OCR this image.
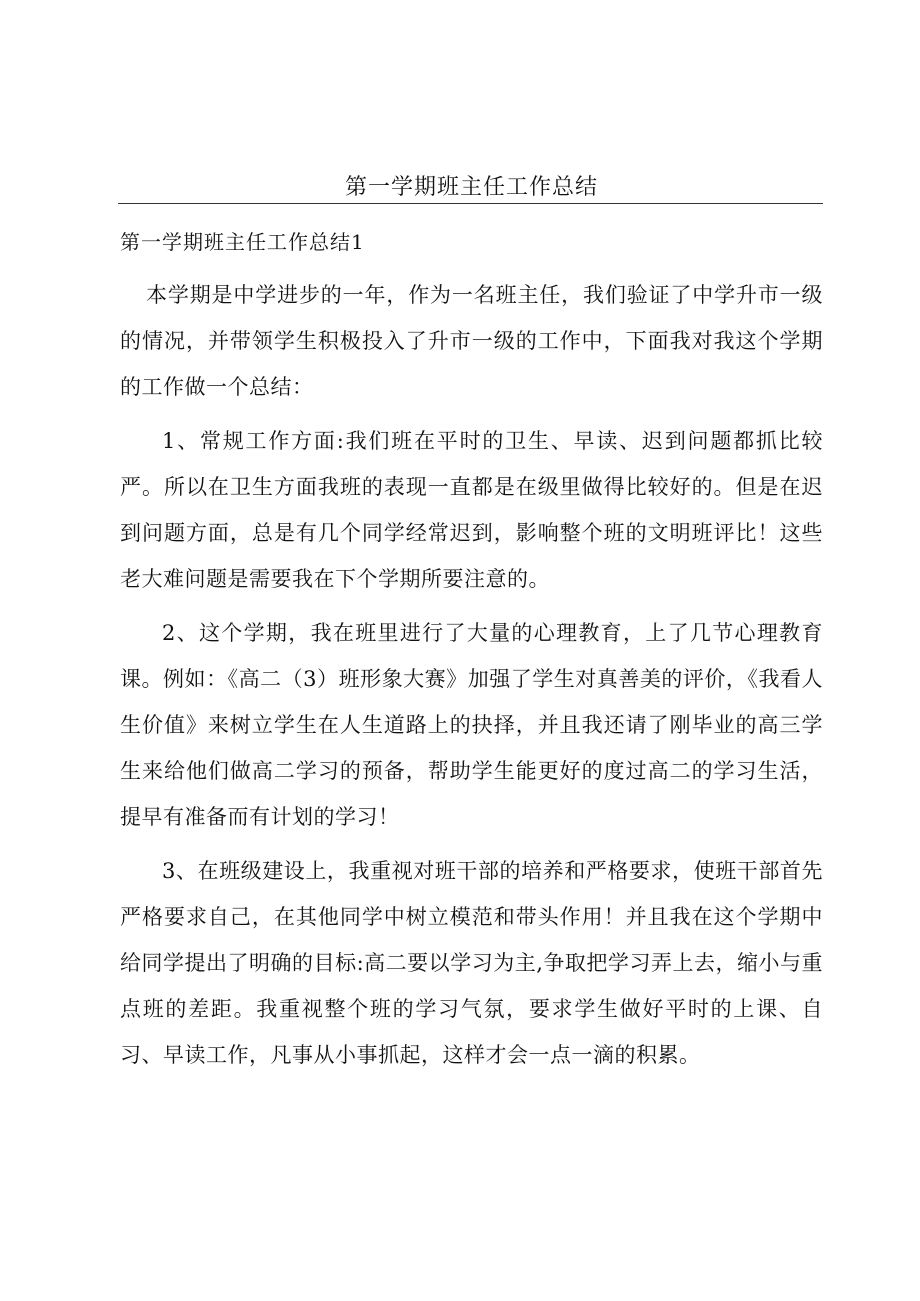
第一学期班主任工作总结

第一学期班主任工作总结1

本学期是中学进步的一年，作为一名班主任，我们验证了中学升市一级的情况，并带领学生积极投入了升市一级的工作中，下面我对我这个学期的工作做一个总结：

1、常规工作方面:我们班在平时的卫生、早读、迟到问题都抓比较严。所以在卫生方面我班的表现一直都是在级里做得比较好的。但是在迟到问题方面，总是有几个同学经常迟到，影响整个班的文明班评比！这些老大难问题是需要我在下个学期所要注意的。

2、这个学期，我在班里进行了大量的心理教育，上了几节心理教育课。例如：《高二（3）班形象大赛》加强了学生对真善美的评价，《我看人生价值》来树立学生在人生道路上的抉择，并且我还请了刚毕业的高三学生来给他们做高二学习的预备，帮助学生能更好的度过高二的学习生活，提早有准备而有计划的学习！

3、在班级建设上，我重视对班干部的培养和严格要求，使班干部首先严格要求自己，在其他同学中树立模范和带头作用！并且我在这个学期中给同学提出了明确的目标:高二要以学习为主,争取把学习弄上去，缩小与重点班的差距。我重视整个班的学习气氛，要求学生做好平时的上课、自习、早读工作，凡事从小事抓起，这样才会一点一滴的积累。
